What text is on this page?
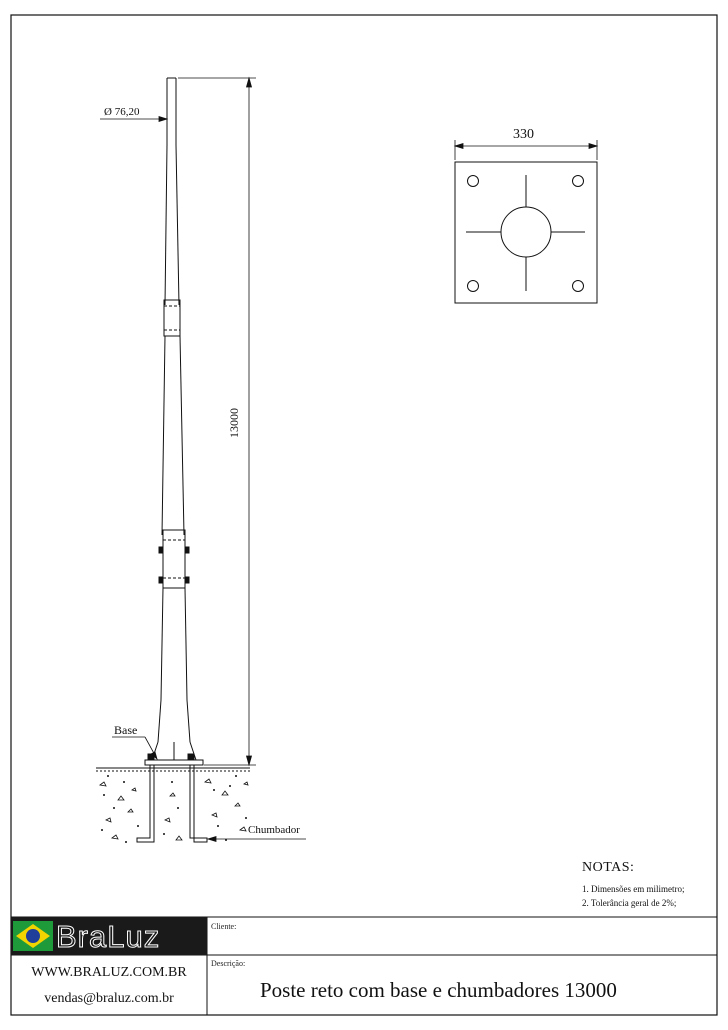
Ø 76,20
13000
330
Base
Chumbador
NOTAS:
1. Dimensões em milimetro;
2. Tolerância geral de 2%;
BraLuz	Cliente:
Descrição:
Poste reto com base e chumbadores 13000
WWW.BRALUZ.COM.BR
vendas@braluz.com.br
